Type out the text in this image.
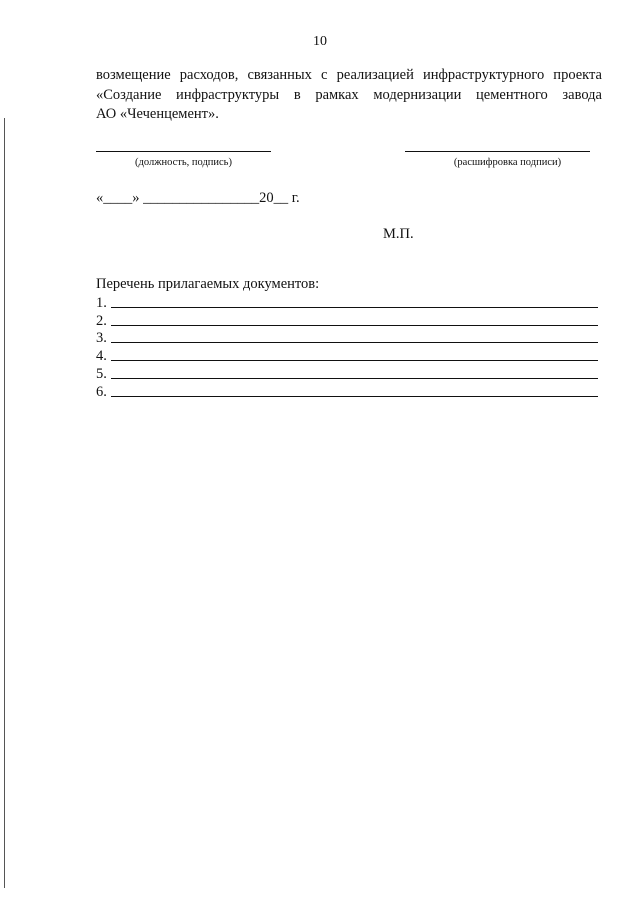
10
возмещение расходов, связанных с реализацией инфраструктурного проекта
«Создание инфраструктуры в рамках модернизации цементного завода
АО «Чеченцемент».
(должность, подпись)	(расшифровка подписи)
«____» ________________20__ г.
М.П.
Перечень прилагаемых документов:
1.
2.
3.
4.
5.
6.
